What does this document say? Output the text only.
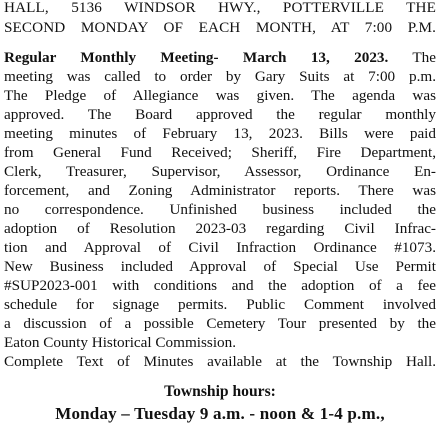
HALL, 5136 WINDSOR HWY., POTTERVILLE THE
SECOND MONDAY OF EACH MONTH, AT 7:00 P.M.
Regular Monthly Meeting- March 13, 2023. The
meeting was called to order by Gary Suits at 7:00 p.m.
The Pledge of Allegiance was given. The agenda was
approved. The Board approved the regular monthly
meeting minutes of February 13, 2023. Bills were paid
from General Fund Received; Sheriff, Fire Department,
Clerk, Treasurer, Supervisor, Assessor, Ordinance En-
forcement, and Zoning Administrator reports. There was
no correspondence. Unfinished business included the
adoption of Resolution 2023-03 regarding Civil Infrac-
tion and Approval of Civil Infraction Ordinance #1073.
New Business included Approval of Special Use Permit
#SUP2023-001 with conditions and the adoption of a fee
schedule for signage permits. Public Comment involved
a discussion of a possible Cemetery Tour presented by the
Eaton County Historical Commission.
Complete Text of Minutes available at the Township Hall.
Township hours:
Monday – Tuesday 9 a.m. - noon & 1-4 p.m.,
